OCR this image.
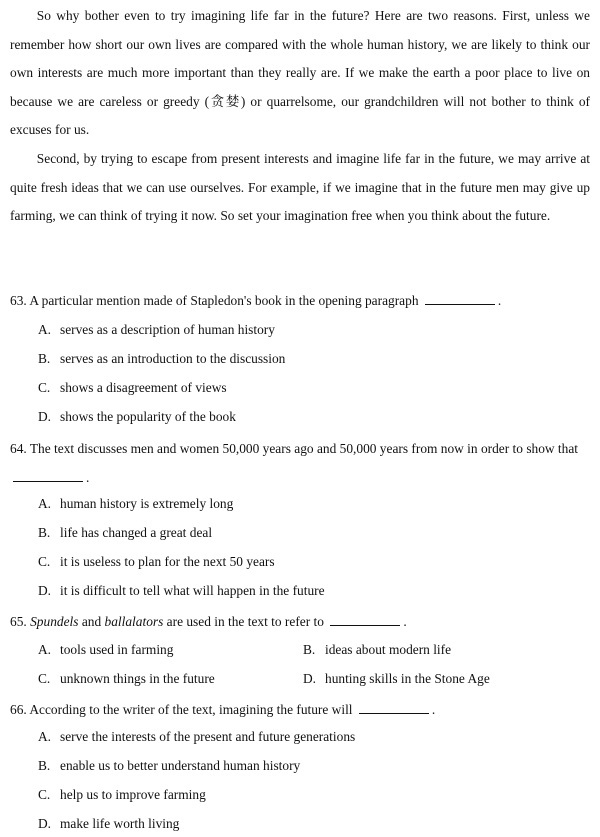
So why bother even to try imagining life far in the future? Here are two reasons. First, unless we remember how short our own lives are compared with the whole human history, we are likely to think our own interests are much more important than they really are. If we make the earth a poor place to live on because we are careless or greedy (贪婪) or quarrelsome, our grandchildren will not bother to think of excuses for us.

Second, by trying to escape from present interests and imagine life far in the future, we may arrive at quite fresh ideas that we can use ourselves. For example, if we imagine that in the future men may give up farming, we can think of trying it now. So set your imagination free when you think about the future.

63. A particular mention made of Stapledon's book in the opening paragraph	.
A. serves as a description of human history
B. serves as an introduction to the discussion
C. shows a disagreement of views
D. shows the popularity of the book
64. The text discusses men and women 50,000 years ago and 50,000 years from now in order to show that .
A. human history is extremely long
B. life has changed a great deal
C. it is useless to plan for the next 50 years
D. it is difficult to tell what will happen in the future
65. Spundels and ballalators are used in the text to refer to	.
A. tools used in farming	B. ideas about modern life
C. unknown things in the future	D. hunting skills in the Stone Age
66. According to the writer of the text, imagining the future will	.
A. serve the interests of the present and future generations
B. enable us to better understand human history
C. help us to improve farming
D. make life worth living
